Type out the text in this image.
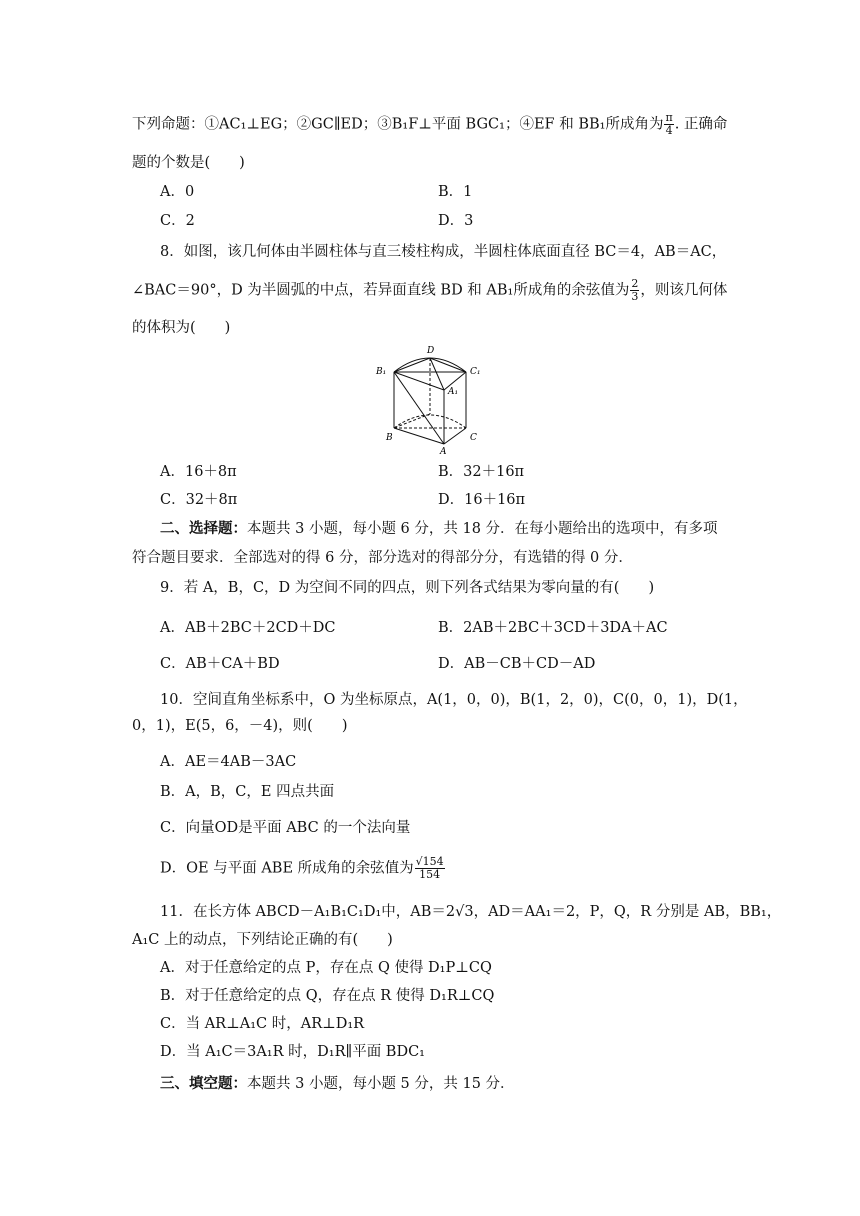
下列命题：①AC₁⊥EG；②GC∥ED；③B₁F⊥平面 BGC₁；④EF 和 BB₁所成角为 $\frac{\pi}{4}$ . 正确命
题的个数是(　　)
A．0	B．1
C．2	D．3
8．如图，该几何体由半圆柱体与直三棱柱构成，半圆柱体底面直径 BC＝4，AB＝AC，
∠BAC＝90°，D 为半圆弧的中点，若异面直线 BD 和 AB₁所成角的余弦值为 $\frac{2}{3}$ ，则该几何体
的体积为(　　)
D
B₁	C₁
A₁
B	C
A
A．16＋8π	B．32＋16π
C．32＋8π	D．16＋16π
二、选择题：本题共 3 小题，每小题 6 分，共 18 分．在每小题给出的选项中，有多项
符合题目要求．全部选对的得 6 分，部分选对的得部分分，有选错的得 0 分．
9．若 A，B，C，D 为空间不同的四点，则下列各式结果为零向量的有(　　)
A．AB＋2BC＋2CD＋DC	B．2AB＋2BC＋3CD＋3DA＋AC
C．AB＋CA＋BD	D．AB－CB＋CD－AD
10．空间直角坐标系中，O 为坐标原点，A(1，0，0)，B(1，2，0)，C(0，0，1)，D(1，
0，1)，E(5，6，－4)，则(　　)
A．AE＝4AB－3AC
B．A，B，C，E 四点共面
C．向量OD是平面 ABC 的一个法向量
D．OE 与平面 ABE 所成角的余弦值为 $\frac{√154}{154}$
11．在长方体 ABCD－A₁B₁C₁D₁中，AB＝2√3，AD＝AA₁＝2，P，Q，R 分别是 AB，BB₁，
A₁C 上的动点，下列结论正确的有(　　)
A．对于任意给定的点 P，存在点 Q 使得 D₁P⊥CQ
B．对于任意给定的点 Q，存在点 R 使得 D₁R⊥CQ
C．当 AR⊥A₁C 时，AR⊥D₁R
D．当 A₁C＝3A₁R 时，D₁R∥平面 BDC₁
三、填空题：本题共 3 小题，每小题 5 分，共 15 分．
